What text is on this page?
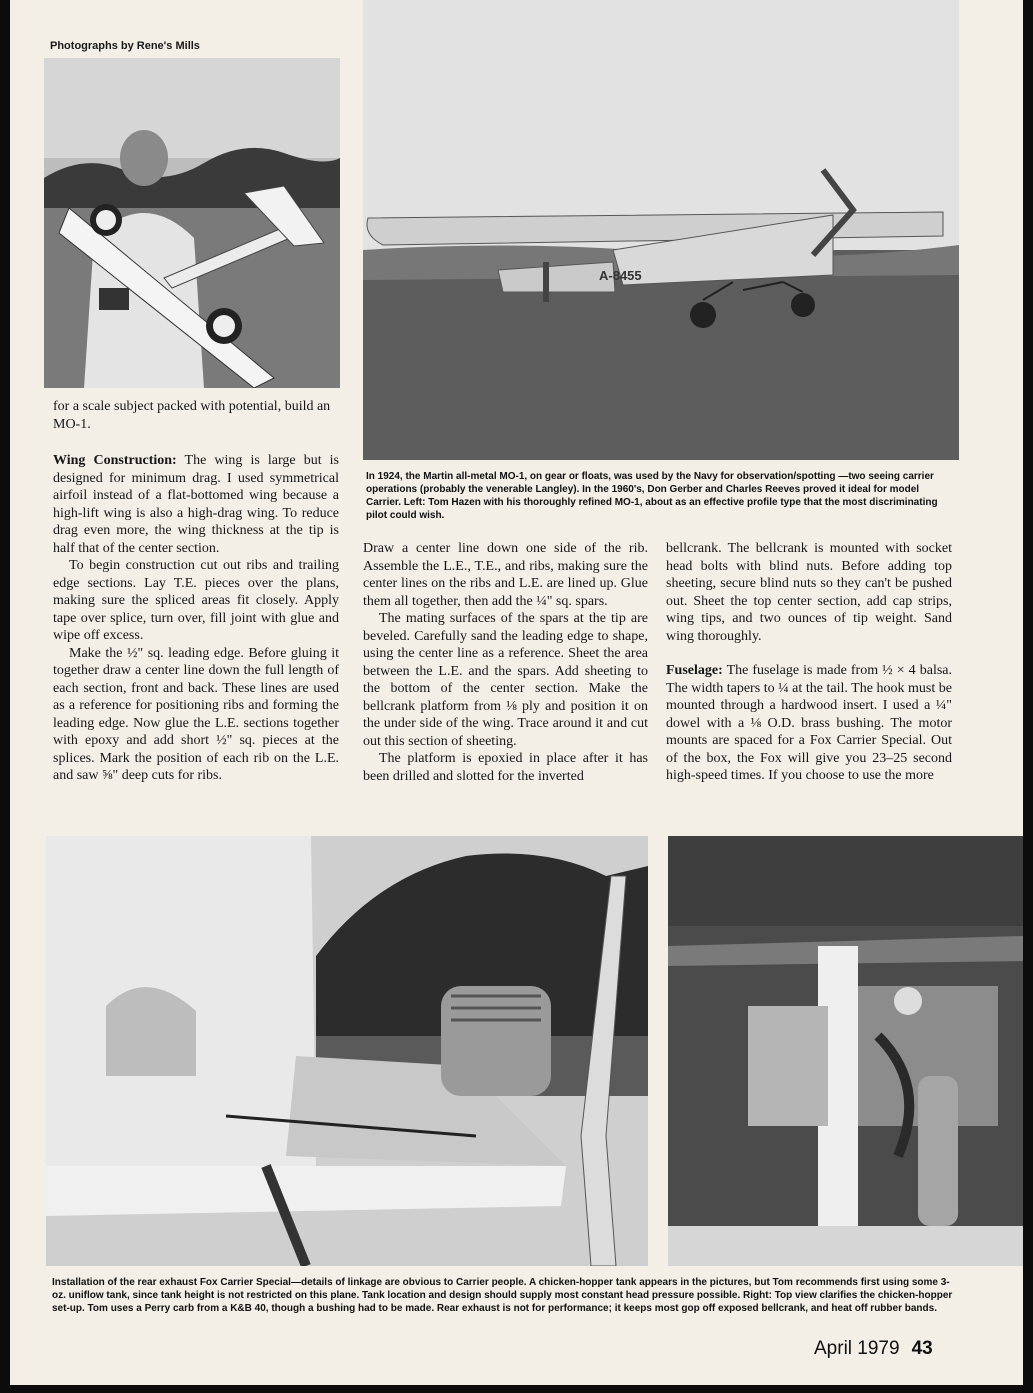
Photographs by Rene's Mills
A-8455

for a scale subject packed with potential, build an MO-1.

In 1924, the Martin all-metal MO-1, on gear or floats, was used by the Navy for observation/spotting —two seeing carrier operations (probably the venerable Langley). In the 1960's, Don Gerber and Charles Reeves proved it ideal for model Carrier. Left: Tom Hazen with his thoroughly refined MO-1, about as an effective profile type that the most discriminating pilot could wish.

Wing Construction: The wing is large but is designed for minimum drag. I used symmetrical airfoil instead of a flat-bottomed wing because a high-lift wing is also a high-drag wing. To reduce drag even more, the wing thickness at the tip is half that of the center section.

To begin construction cut out ribs and trailing edge sections. Lay T.E. pieces over the plans, making sure the spliced areas fit closely. Apply tape over splice, turn over, fill joint with glue and wipe off excess.

Make the ½" sq. leading edge. Before gluing it together draw a center line down the full length of each section, front and back. These lines are used as a reference for positioning ribs and forming the leading edge. Now glue the L.E. sections together with epoxy and add short ½" sq. pieces at the splices. Mark the position of each rib on the L.E. and saw ⅝" deep cuts for ribs.

Draw a center line down one side of the rib. Assemble the L.E., T.E., and ribs, making sure the center lines on the ribs and L.E. are lined up. Glue them all together, then add the ¼" sq. spars.

The mating surfaces of the spars at the tip are beveled. Carefully sand the leading edge to shape, using the center line as a reference. Sheet the area between the L.E. and the spars. Add sheeting to the bottom of the center section. Make the bellcrank platform from ⅛ ply and position it on the under side of the wing. Trace around it and cut out this section of sheeting.

The platform is epoxied in place after it has been drilled and slotted for the inverted

bellcrank. The bellcrank is mounted with socket head bolts with blind nuts. Before adding top sheeting, secure blind nuts so they can't be pushed out. Sheet the top center section, add cap strips, wing tips, and two ounces of tip weight. Sand wing thoroughly.

Fuselage: The fuselage is made from ½ × 4 balsa. The width tapers to ¼ at the tail. The hook must be mounted through a hardwood insert. I used a ¼" dowel with a ⅛ O.D. brass bushing. The motor mounts are spaced for a Fox Carrier Special. Out of the box, the Fox will give you 23–25 second high-speed times. If you choose to use the more

Installation of the rear exhaust Fox Carrier Special—details of linkage are obvious to Carrier people. A chicken-hopper tank appears in the pictures, but Tom recommends first using some 3-oz. uniflow tank, since tank height is not restricted on this plane. Tank location and design should supply most constant head pressure possible. Right: Top view clarifies the chicken-hopper set-up. Tom uses a Perry carb from a K&B 40, though a bushing had to be made. Rear exhaust is not for performance; it keeps most gop off exposed bellcrank, and heat off rubber bands.
April 1979 43
